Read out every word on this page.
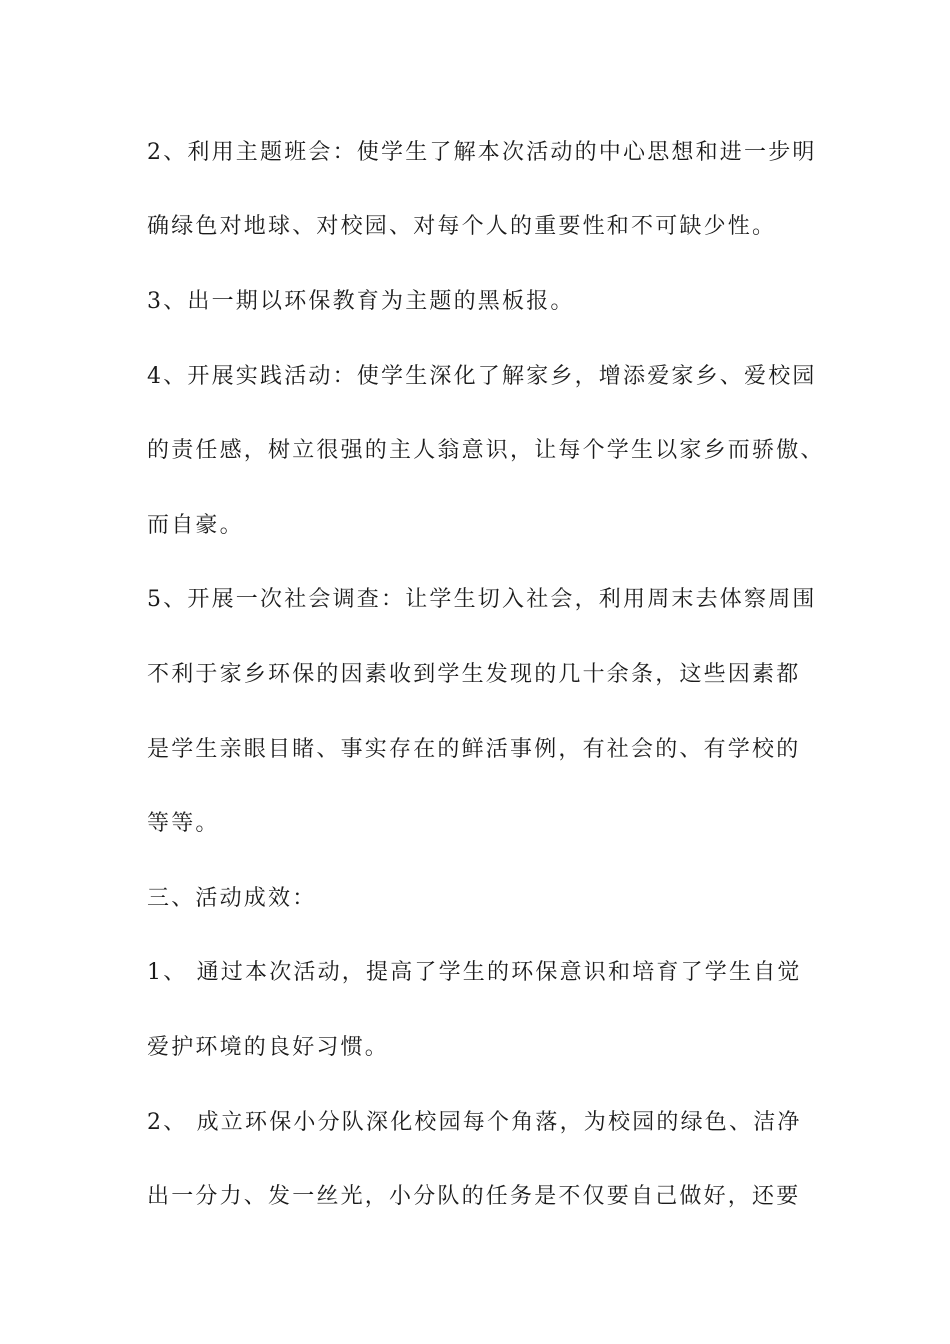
2、利用主题班会：使学生了解本次活动的中心思想和进一步明
确绿色对地球、对校园、对每个人的重要性和不可缺少性。
3、出一期以环保教育为主题的黑板报。
4、开展实践活动：使学生深化了解家乡，增添爱家乡、爱校园
的责任感，树立很强的主人翁意识，让每个学生以家乡而骄傲、
而自豪。
5、开展一次社会调查：让学生切入社会，利用周末去体察周围
不利于家乡环保的因素收到学生发现的几十余条，这些因素都
是学生亲眼目睹、事实存在的鲜活事例，有社会的、有学校的
等等。
三、活动成效：
1、 通过本次活动，提高了学生的环保意识和培育了学生自觉
爱护环境的良好习惯。
2、 成立环保小分队深化校园每个角落，为校园的绿色、洁净
出一分力、发一丝光，小分队的任务是不仅要自己做好，还要
